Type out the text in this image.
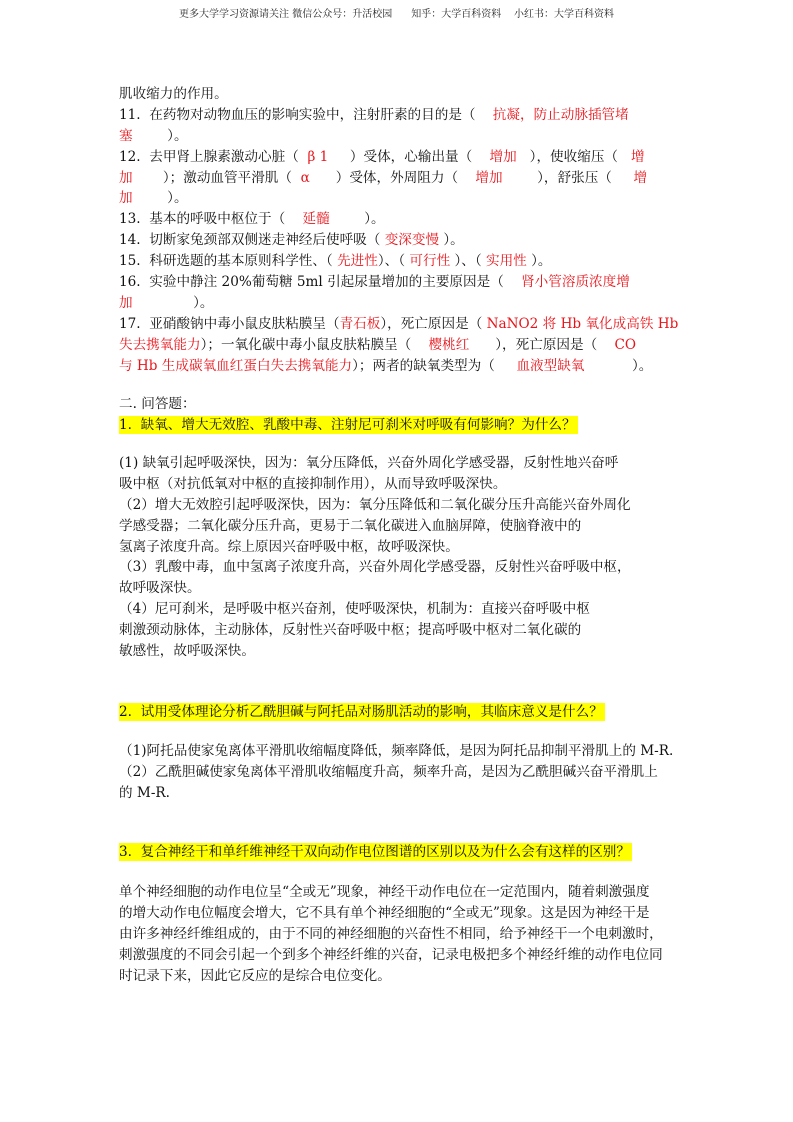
更多大学学习资源请关注 微信公众号：升活校园      知乎：大学百科资料    小红书：大学百科资料
肌收缩力的作用。
11.  在药物对动物血压的影响实验中，注射肝素的目的是（    抗凝，防止动脉插管堵
塞        ）。
12.  去甲肾上腺素激动心脏（  β 1     ）受体，心输出量（    增加   ），使收缩压（   增
加       ）；激动血管平滑肌（  α      ）受体，外周阻力（    增加        ），舒张压（     增
加        ）。
13.  基本的呼吸中枢位于（    延髓        ）。
14.  切断家兔颈部双侧迷走神经后使呼吸（ 变深变慢 ）。
15.  科研选题的基本原则科学性、（ 先进性）、（ 可行性 ）、（ 实用性 ）。
16.  实验中静注 20%葡萄糖 5ml 引起尿量增加的主要原因是（    肾小管溶质浓度增
加              ）。
17.  亚硝酸钠中毒小鼠皮肤粘膜呈（青石板），死亡原因是（ NaNO2 将 Hb 氧化成高铁 Hb
失去携氧能力）；一氧化碳中毒小鼠皮肤粘膜呈（    樱桃红      ），死亡原因是（    CO
与 Hb 生成碳氧血红蛋白失去携氧能力）；两者的缺氧类型为（     血液型缺氧           ）。
二. 问答题：
1.  缺氧、增大无效腔、乳酸中毒、注射尼可刹米对呼吸有何影响？为什么？
(1) 缺氧引起呼吸深快，因为：氧分压降低，兴奋外周化学感受器，反射性地兴奋呼
吸中枢（对抗低氧对中枢的直接抑制作用），从而导致呼吸深快。
（2）增大无效腔引起呼吸深快，因为：氧分压降低和二氧化碳分压升高能兴奋外周化
学感受器；二氧化碳分压升高，更易于二氧化碳进入血脑屏障，使脑脊液中的
氢离子浓度升高。综上原因兴奋呼吸中枢，故呼吸深快。
（3）乳酸中毒，血中氢离子浓度升高，兴奋外周化学感受器，反射性兴奋呼吸中枢，
故呼吸深快。
（4）尼可刹米，是呼吸中枢兴奋剂，使呼吸深快，机制为：直接兴奋呼吸中枢
刺激颈动脉体，主动脉体，反射性兴奋呼吸中枢；提高呼吸中枢对二氧化碳的
敏感性，故呼吸深快。
2.  试用受体理论分析乙酰胆碱与阿托品对肠肌活动的影响，其临床意义是什么？
（1)阿托品使家兔离体平滑肌收缩幅度降低，频率降低，是因为阿托品抑制平滑肌上的 M-R.
（2）乙酰胆碱使家兔离体平滑肌收缩幅度升高，频率升高，是因为乙酰胆碱兴奋平滑肌上
的 M-R.
3.  复合神经干和单纤维神经干双向动作电位图谱的区别以及为什么会有这样的区别？
单个神经细胞的动作电位呈“全或无”现象，神经干动作电位在一定范围内，随着刺激强度
的增大动作电位幅度会增大，它不具有单个神经细胞的“全或无”现象。这是因为神经干是
由许多神经纤维组成的，由于不同的神经细胞的兴奋性不相同，给予神经干一个电刺激时，
刺激强度的不同会引起一个到多个神经纤维的兴奋，记录电极把多个神经纤维的动作电位同
时记录下来，因此它反应的是综合电位变化。
